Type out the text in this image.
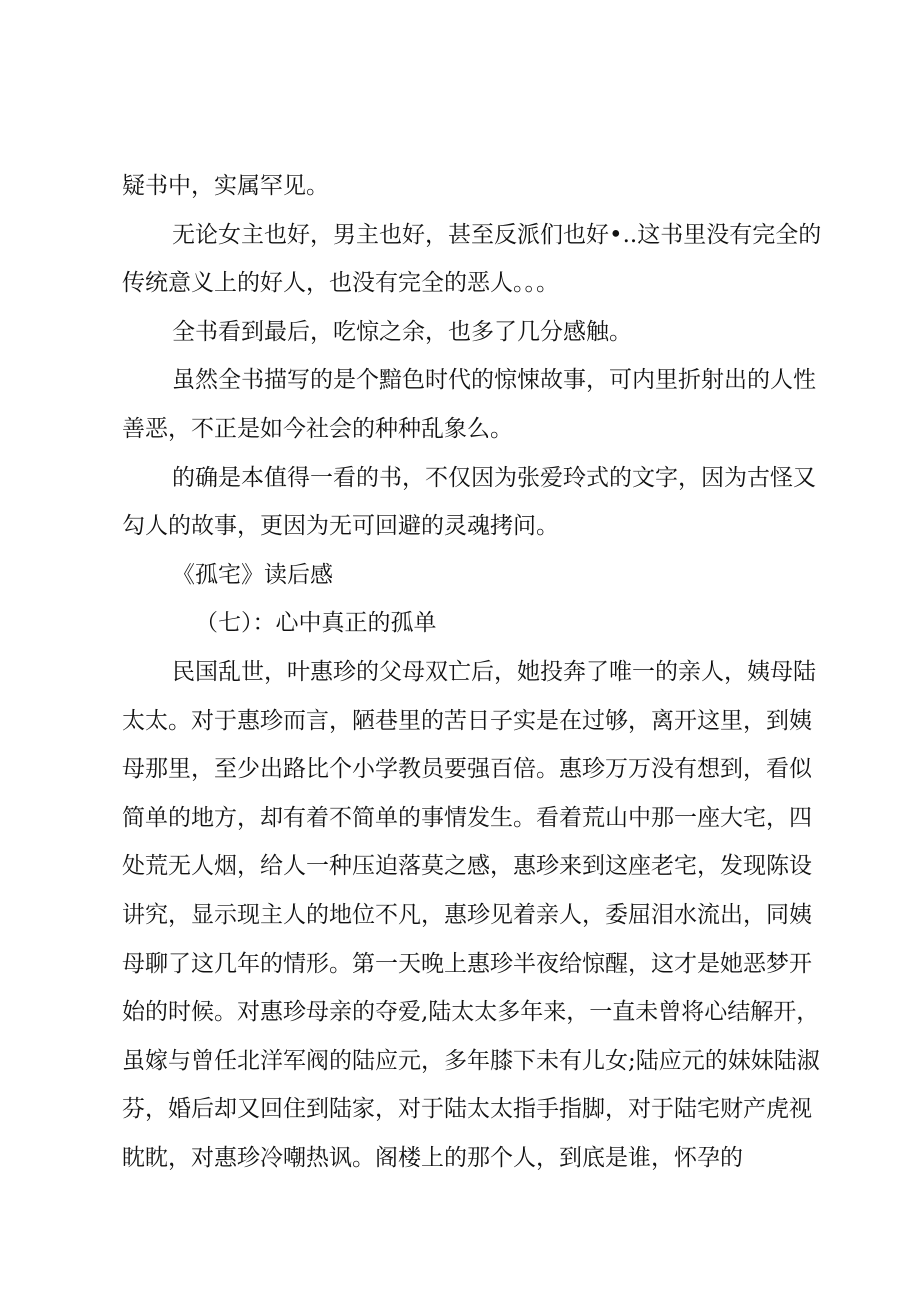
疑书中，实属罕见。

无论女主也好，男主也好，甚至反派们也好•..这书里没有完全的传统意义上的好人，也没有完全的恶人。。。

全书看到最后，吃惊之余，也多了几分感触。

虽然全书描写的是个黯色时代的惊悚故事，可内里折射出的人性善恶，不正是如今社会的种种乱象么。

的确是本值得一看的书，不仅因为张爱玲式的文字，因为古怪又勾人的故事，更因为无可回避的灵魂拷问。

《孤宅》读后感

（七）：心中真正的孤单

民国乱世，叶惠珍的父母双亡后，她投奔了唯一的亲人，姨母陆太太。对于惠珍而言，陋巷里的苦日子实是在过够，离开这里，到姨母那里，至少出路比个小学教员要强百倍。惠珍万万没有想到，看似简单的地方，却有着不简单的事情发生。看着荒山中那一座大宅，四处荒无人烟，给人一种压迫落莫之感，惠珍来到这座老宅，发现陈设讲究，显示现主人的地位不凡，惠珍见着亲人，委屈泪水流出，同姨母聊了这几年的情形。第一天晚上惠珍半夜给惊醒，这才是她恶梦开始的时候。对惠珍母亲的夺爱,陆太太多年来，一直未曾将心结解开，虽嫁与曾任北洋军阀的陆应元，多年膝下未有儿女;陆应元的妹妹陆淑芬，婚后却又回住到陆家，对于陆太太指手指脚，对于陆宅财产虎视眈眈，对惠珍冷嘲热讽。阁楼上的那个人，到底是谁，怀孕的
